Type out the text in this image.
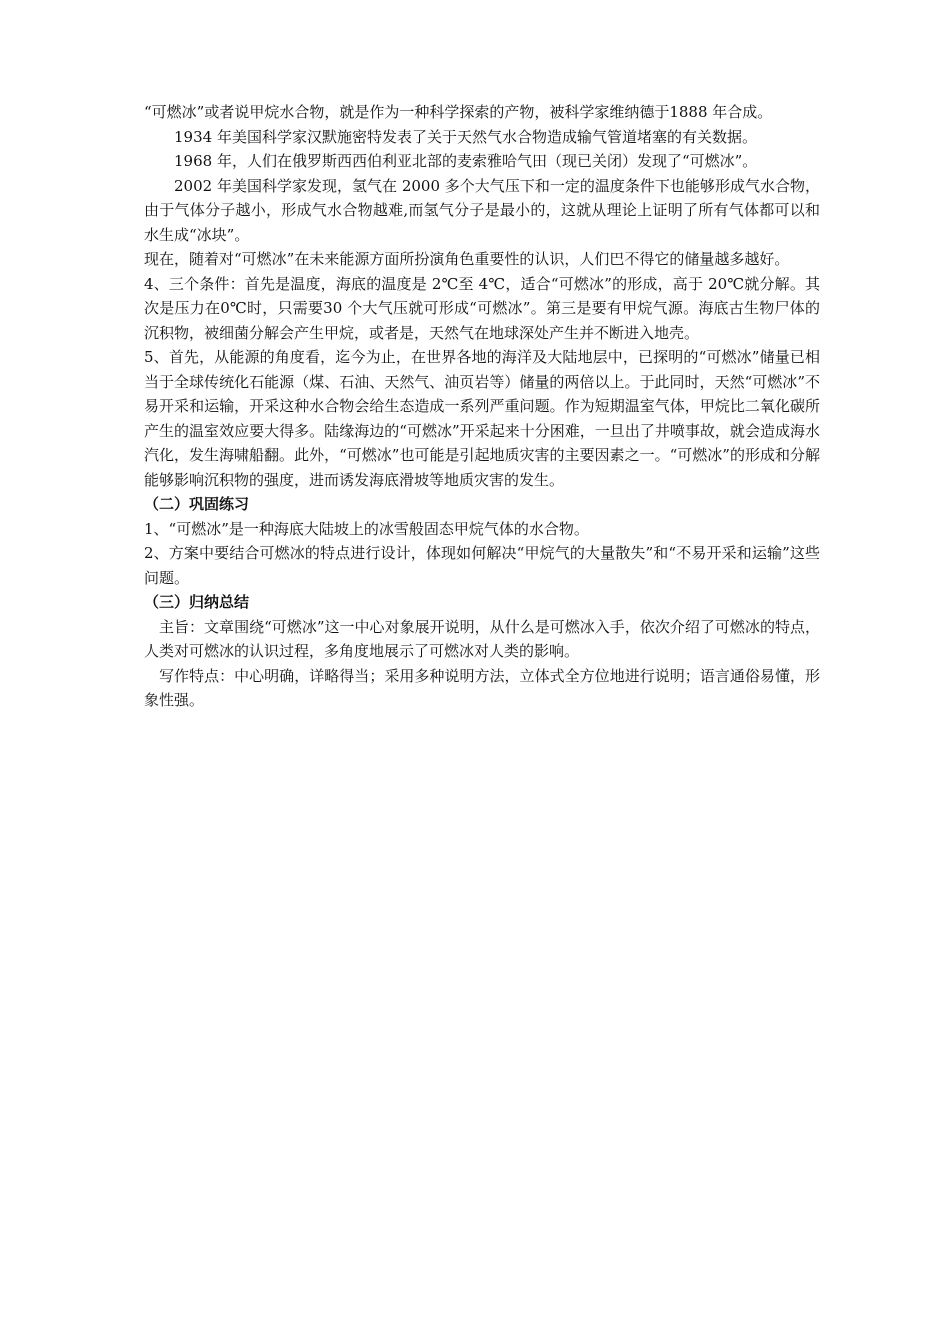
“可燃冰”或者说甲烷水合物，就是作为一种科学探索的产物，被科学家维纳德于1888 年合成。

1934 年美国科学家汉默施密特发表了关于天然气水合物造成输气管道堵塞的有关数据。

1968 年，人们在俄罗斯西西伯利亚北部的麦索雅哈气田（现已关闭）发现了“可燃冰”。

2002 年美国科学家发现，氢气在 2000 多个大气压下和一定的温度条件下也能够形成气水合物，由于气体分子越小，形成气水合物越难,而氢气分子是最小的，这就从理论上证明了所有气体都可以和水生成“冰块”。

现在，随着对“可燃冰”在未来能源方面所扮演角色重要性的认识，人们巴不得它的储量越多越好。

4、三个条件：首先是温度，海底的温度是 2℃至 4℃，适合“可燃冰”的形成，高于 20℃就分解。其次是压力在0℃时，只需要30 个大气压就可形成“可燃冰”。第三是要有甲烷气源。海底古生物尸体的沉积物，被细菌分解会产生甲烷，或者是，天然气在地球深处产生并不断进入地壳。

5、首先，从能源的角度看，迄今为止，在世界各地的海洋及大陆地层中，已探明的“可燃冰”储量已相当于全球传统化石能源（煤、石油、天然气、油页岩等）储量的两倍以上。于此同时，天然“可燃冰”不易开采和运输，开采这种水合物会给生态造成一系列严重问题。作为短期温室气体，甲烷比二氧化碳所产生的温室效应要大得多。陆缘海边的“可燃冰”开采起来十分困难，一旦出了井喷事故，就会造成海水汽化，发生海啸船翻。此外，“可燃冰”也可能是引起地质灾害的主要因素之一。“可燃冰”的形成和分解能够影响沉积物的强度，进而诱发海底滑坡等地质灾害的发生。

（二）巩固练习

1、“可燃冰”是一种海底大陆坡上的冰雪般固态甲烷气体的水合物。

2、方案中要结合可燃冰的特点进行设计，体现如何解决“甲烷气的大量散失”和“不易开采和运输”这些问题。

（三）归纳总结

主旨：文章围绕“可燃冰”这一中心对象展开说明，从什么是可燃冰入手，依次介绍了可燃冰的特点，人类对可燃冰的认识过程，多角度地展示了可燃冰对人类的影响。

写作特点：中心明确，详略得当；采用多种说明方法，立体式全方位地进行说明；语言通俗易懂，形象性强。
